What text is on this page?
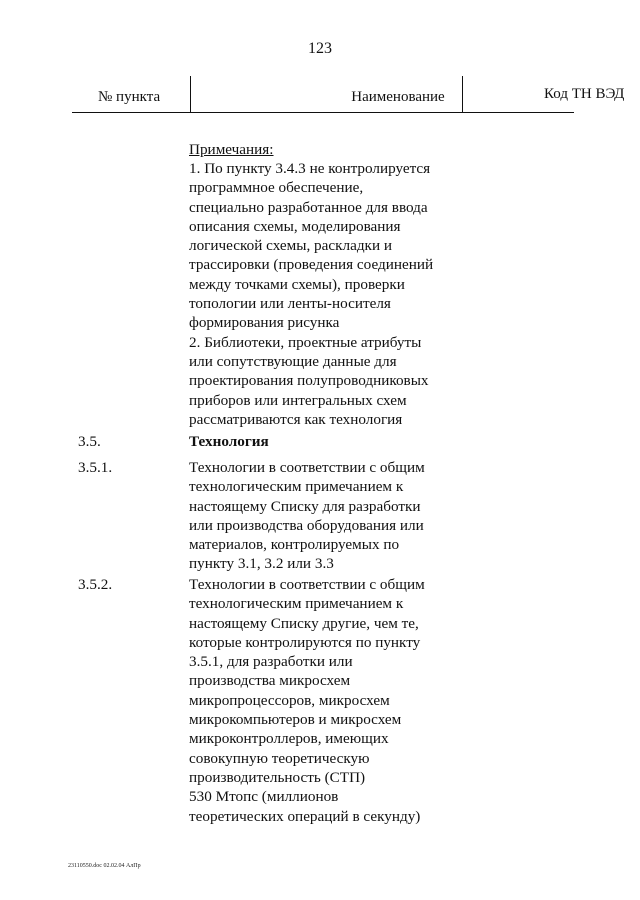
123
№ пункта	Наименование	Код ТН ВЭД
Примечания:
1. По пункту 3.4.3 не контролируется
программное обеспечение,
специально разработанное для ввода
описания схемы, моделирования
логической схемы, раскладки и
трассировки (проведения соединений
между точками схемы), проверки
топологии или ленты-носителя
формирования рисунка
2. Библиотеки, проектные атрибуты
или сопутствующие данные для
проектирования полупроводниковых
приборов или интегральных схем
рассматриваются как технология
3.5.	Технология
3.5.1.	Технологии в соответствии с общим
технологическим примечанием к
настоящему Списку для разработки
или производства оборудования или
материалов, контролируемых по
пункту 3.1, 3.2 или 3.3
3.5.2.	Технологии в соответствии с общим
технологическим примечанием к
настоящему Списку другие, чем те,
которые контролируются по пункту
3.5.1, для разработки или
производства микросхем
микропроцессоров, микросхем
микрокомпьютеров и микросхем
микроконтроллеров, имеющих
совокупную теоретическую
производительность (СТП)
530 Мтопс (миллионов
теоретических операций в секунду)
23110550.doc 02.02.04 АлПр
